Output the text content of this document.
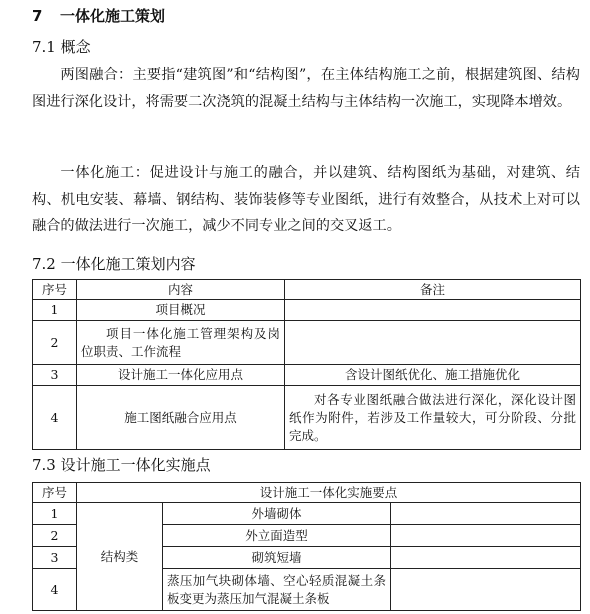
7 一体化施工策划
7.1 概念

两图融合：主要指“建筑图”和“结构图”，在主体结构施工之前，根据建筑图、结构图进行深化设计，将需要二次浇筑的混凝土结构与主体结构一次施工，实现降本增效。

一体化施工：促进设计与施工的融合，并以建筑、结构图纸为基础，对建筑、结构、机电安装、幕墙、钢结构、装饰装修等专业图纸，进行有效整合，从技术上对可以融合的做法进行一次施工，减少不同专业之间的交叉返工。

7.2 一体化施工策划内容
序号	内容	备注
1	项目概况	
2	项目一体化施工管理架构及岗位职责、工作流程	
3	设计施工一体化应用点	含设计图纸优化、施工措施优化
4	施工图纸融合应用点	对各专业图纸融合做法进行深化，深化设计图纸作为附件，若涉及工作量较大，可分阶段、分批完成。
7.3 设计施工一体化实施点
序号	设计施工一体化实施要点		
1	结构类	外墙砌体	
2		外立面造型	
3		砌筑短墙	
4		蒸压加气块砌体墙、空心轻质混凝土条板变更为蒸压加气混凝土条板	
